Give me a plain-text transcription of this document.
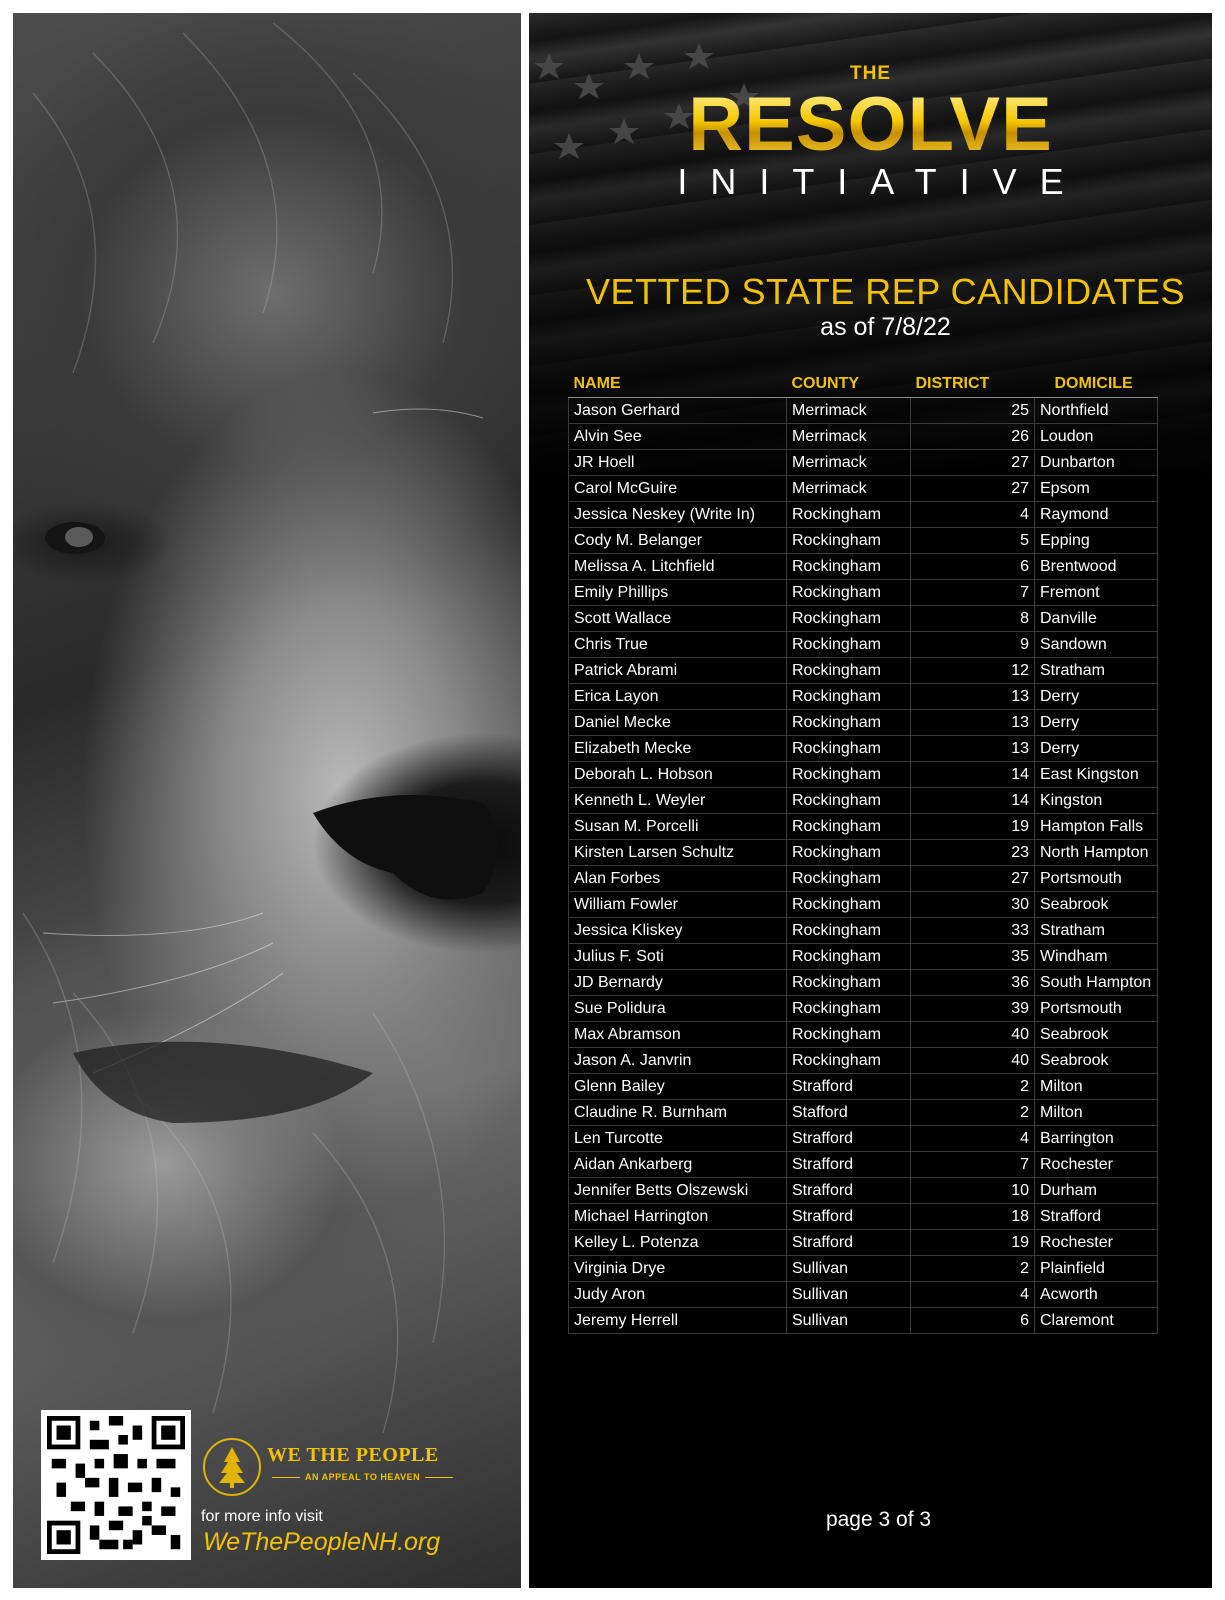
WE THE PEOPLE
AN APPEAL TO HEAVEN
for more info visit
WeThePeopleNH.org
THE
RESOLVE
INITIATIVE
VETTED STATE REP CANDIDATES
as of 7/8/22
NAME	COUNTY	DISTRICT	DOMICILE
Jason Gerhard	Merrimack	25	Northfield
Alvin See	Merrimack	26	Loudon
JR Hoell	Merrimack	27	Dunbarton
Carol McGuire	Merrimack	27	Epsom
Jessica Neskey (Write In)	Rockingham	4	Raymond
Cody M. Belanger	Rockingham	5	Epping
Melissa A. Litchfield	Rockingham	6	Brentwood
Emily Phillips	Rockingham	7	Fremont
Scott Wallace	Rockingham	8	Danville
Chris True	Rockingham	9	Sandown
Patrick Abrami	Rockingham	12	Stratham
Erica Layon	Rockingham	13	Derry
Daniel Mecke	Rockingham	13	Derry
Elizabeth Mecke	Rockingham	13	Derry
Deborah L. Hobson	Rockingham	14	East Kingston
Kenneth L. Weyler	Rockingham	14	Kingston
Susan M. Porcelli	Rockingham	19	Hampton Falls
Kirsten Larsen Schultz	Rockingham	23	North Hampton
Alan Forbes	Rockingham	27	Portsmouth
William Fowler	Rockingham	30	Seabrook
Jessica Kliskey	Rockingham	33	Stratham
Julius F. Soti	Rockingham	35	Windham
JD Bernardy	Rockingham	36	South Hampton
Sue Polidura	Rockingham	39	Portsmouth
Max Abramson	Rockingham	40	Seabrook
Jason A. Janvrin	Rockingham	40	Seabrook
Glenn Bailey	Strafford	2	Milton
Claudine R. Burnham	Stafford	2	Milton
Len Turcotte	Strafford	4	Barrington
Aidan Ankarberg	Strafford	7	Rochester
Jennifer Betts Olszewski	Strafford	10	Durham
Michael Harrington	Strafford	18	Strafford
Kelley L. Potenza	Strafford	19	Rochester
Virginia Drye	Sullivan	2	Plainfield
Judy Aron	Sullivan	4	Acworth
Jeremy Herrell	Sullivan	6	Claremont
page 3 of 3
